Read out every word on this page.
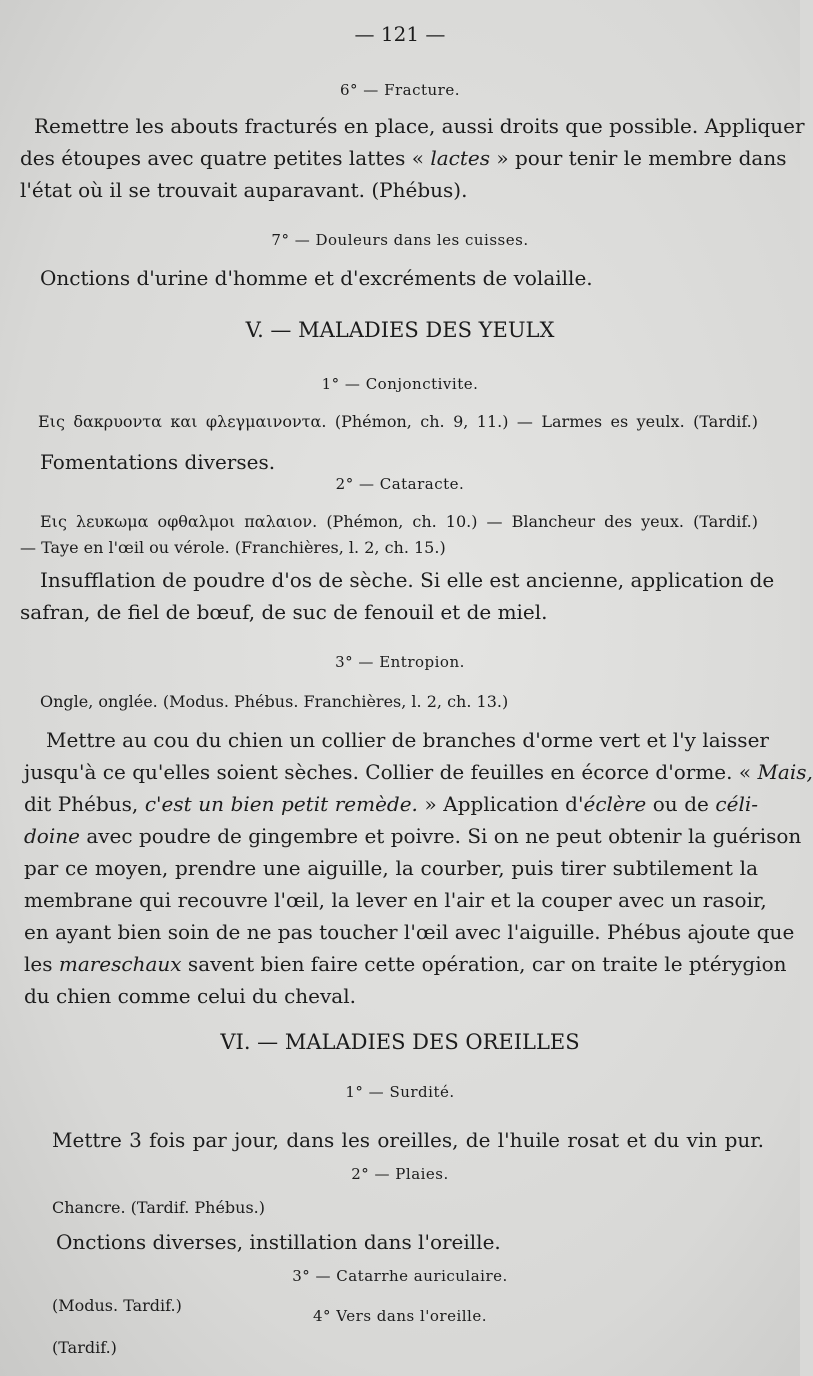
— 121 —
6° — Fracture.
Remettre les abouts fracturés en place, aussi droits que possible. Appliquer
des étoupes avec quatre petites lattes « lactes » pour tenir le membre dans
l'état où il se trouvait auparavant. (Phébus).
7° — Douleurs dans les cuisses.
Onctions d'urine d'homme et d'excréments de volaille.
V. — MALADIES DES YEULX
1° — Conjonctivite.
Εις δακρυοντα και φλεγμαινοντα. (Phémon, ch. 9, 11.) — Larmes es yeulx. (Tardif.)
Fomentations diverses.
2° — Cataracte.
Εις λευκωμα οφθαλμοι παλαιον. (Phémon, ch. 10.) — Blancheur des yeux. (Tardif.)
— Taye en l'œil ou vérole. (Franchières, l. 2, ch. 15.)
Insufflation de poudre d'os de sèche. Si elle est ancienne, application de
safran, de fiel de bœuf, de suc de fenouil et de miel.
3° — Entropion.
Ongle, onglée. (Modus. Phébus. Franchières, l. 2, ch. 13.)
Mettre au cou du chien un collier de branches d'orme vert et l'y laisser
jusqu'à ce qu'elles soient sèches. Collier de feuilles en écorce d'orme. « Mais,
dit Phébus, c'est un bien petit remède. » Application d'éclère ou de céli-
doine avec poudre de gingembre et poivre. Si on ne peut obtenir la guérison
par ce moyen, prendre une aiguille, la courber, puis tirer subtilement la
membrane qui recouvre l'œil, la lever en l'air et la couper avec un rasoir,
en ayant bien soin de ne pas toucher l'œil avec l'aiguille. Phébus ajoute que
les mareschaux savent bien faire cette opération, car on traite le ptérygion
du chien comme celui du cheval.
VI. — MALADIES DES OREILLES
1° — Surdité.
Mettre 3 fois par jour, dans les oreilles, de l'huile rosat et du vin pur.
2° — Plaies.
Chancre. (Tardif. Phébus.)
Onctions diverses, instillation dans l'oreille.
3° — Catarrhe auriculaire.
(Modus. Tardif.)
4° Vers dans l'oreille.
(Tardif.)
